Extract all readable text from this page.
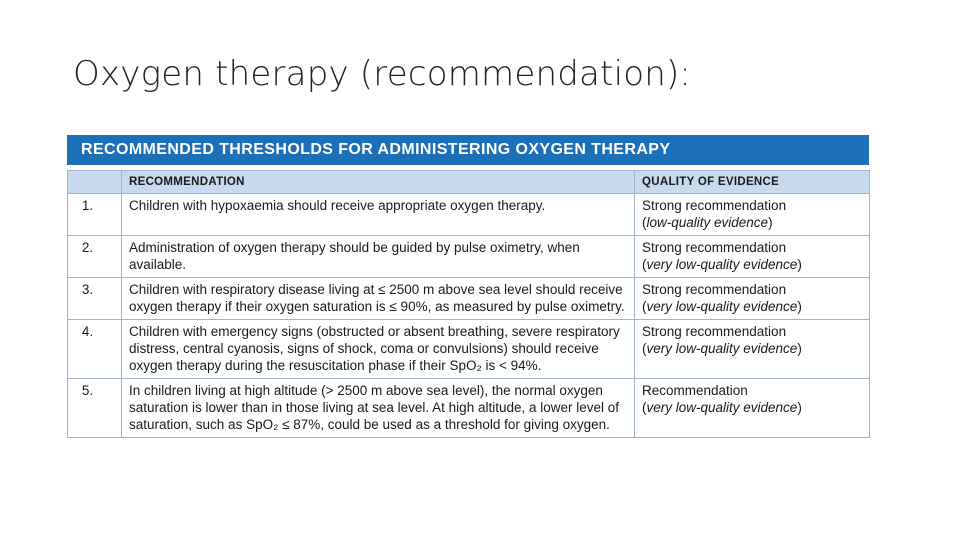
Oxygen therapy (recommendation):
RECOMMENDED THRESHOLDS FOR ADMINISTERING OXYGEN THERAPY
	RECOMMENDATION	QUALITY OF EVIDENCE
1.	Children with hypoxaemia should receive appropriate oxygen therapy.	Strong recommendation
(low-quality evidence)

2.	Administration of oxygen therapy should be guided by pulse oximetry, when available.	Strong recommendation
(very low-quality evidence)

3.	Children with respiratory disease living at ≤ 2500 m above sea level should receive oxygen therapy if their oxygen saturation is ≤ 90%, as measured by pulse oximetry.	Strong recommendation
(very low-quality evidence)

4.	Children with emergency signs (obstructed or absent breathing, severe respiratory distress, central cyanosis, signs of shock, coma or convulsions) should receive oxygen therapy during the resuscitation phase if their SpO₂ is < 94%.	Strong recommendation
(very low-quality evidence)

5.	In children living at high altitude (> 2500 m above sea level), the normal oxygen saturation is lower than in those living at sea level. At high altitude, a lower level of saturation, such as SpO₂ ≤ 87%, could be used as a threshold for giving oxygen.	Recommendation
(very low-quality evidence)
